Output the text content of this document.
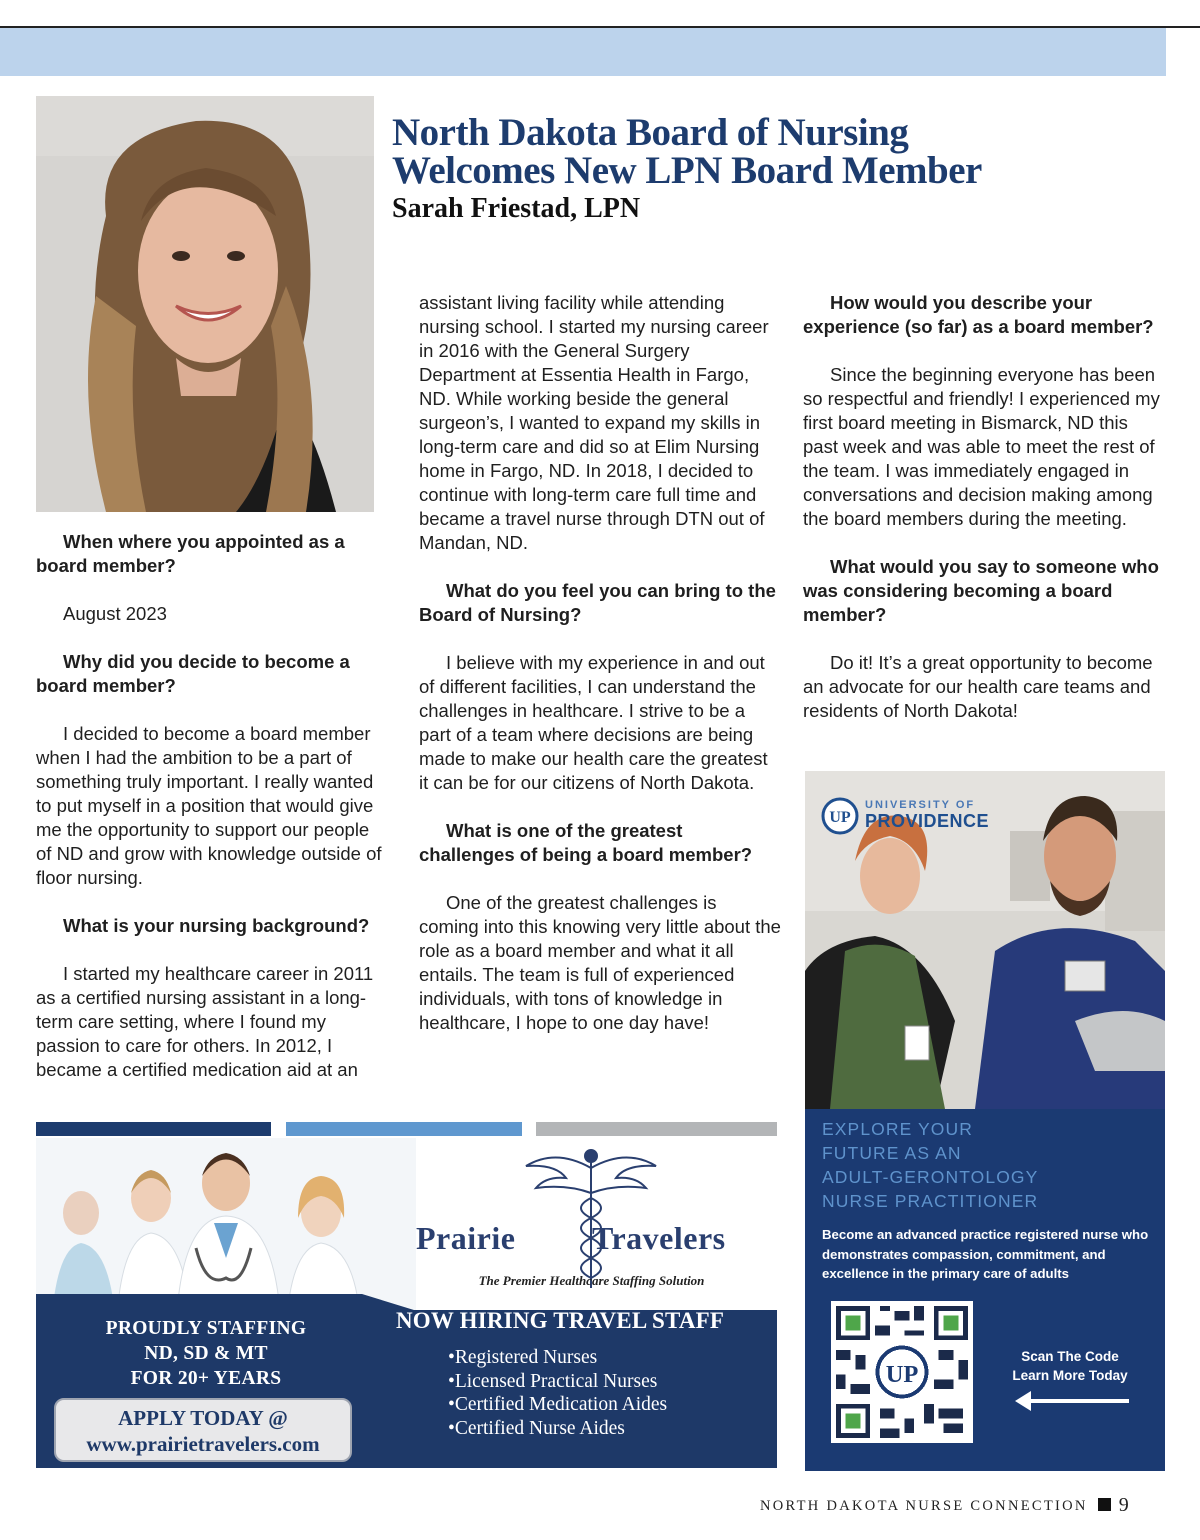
North Dakota Board of Nursing
Welcomes New LPN Board Member
Sarah Friestad, LPN

When where you appointed as a board member?

August 2023

Why did you decide to become a board member?

I decided to become a board member when I had the ambition to be a part of something truly important. I really wanted to put myself in a position that would give me the opportunity to support our people of ND and grow with knowledge outside of floor nursing.

What is your nursing background?

I started my healthcare career in 2011 as a certified nursing assistant in a long-term care setting, where I found my passion to care for others. In 2012, I became a certified medication aid at an

assistant living facility while attending nursing school. I started my nursing career in 2016 with the General Surgery Department at Essentia Health in Fargo, ND. While working beside the general surgeon’s, I wanted to expand my skills in long-term care and did so at Elim Nursing home in Fargo, ND. In 2018, I decided to continue with long-term care full time and became a travel nurse through DTN out of Mandan, ND.

What do you feel you can bring to the Board of Nursing?

I believe with my experience in and out of different facilities, I can understand the challenges in healthcare. I strive to be a part of a team where decisions are being made to make our health care the greatest it can be for our citizens of North Dakota.

What is one of the greatest challenges of being a board member?

One of the greatest challenges is coming into this knowing very little about the role as a board member and what it all entails. The team is full of experienced individuals, with tons of knowledge in healthcare, I hope to one day have!

How would you describe your experience (so far) as a board member?

Since the beginning everyone has been so respectful and friendly! I experienced my first board meeting in Bismarck, ND this past week and was able to meet the rest of the team. I was immediately engaged in conversations and decision making among the board members during the meeting.

What would you say to someone who was considering becoming a board member?

Do it! It’s a great opportunity to become an advocate for our health care teams and residents of North Dakota!

Prairie Travelers
The Premier Healthcare Staffing Solution
PROUDLY STAFFING
ND, SD & MT
FOR 20+ YEARS
APPLY TODAY @
www.prairietravelers.com
NOW HIRING TRAVEL STAFF
• Registered Nurses
• Licensed Practical Nurses
• Certified Medication Aides
• Certified Nurse Aides
UP
UNIVERSITY OF
PROVIDENCE
EXPLORE YOUR
FUTURE AS AN
ADULT-GERONTOLOGY
NURSE PRACTITIONER
Become an advanced practice registered nurse who demonstrates compassion, commitment, and excellence in the primary care of adults
UP
Scan The Code
Learn More Today
NORTH DAKOTA NURSE CONNECTION 9
